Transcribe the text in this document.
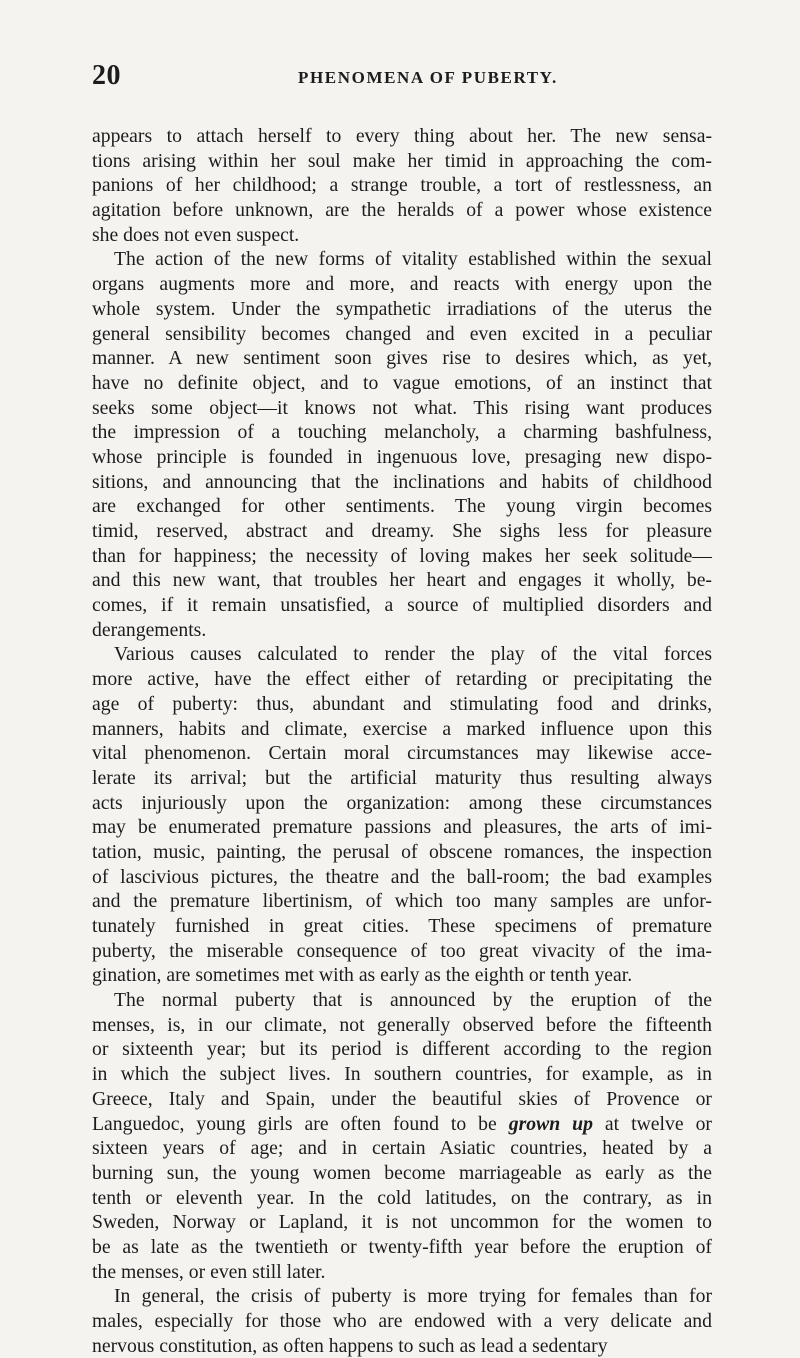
20	PHENOMENA OF PUBERTY.
appears to attach herself to every thing about her. The new sensa-
tions arising within her soul make her timid in approaching the com-
panions of her childhood; a strange trouble, a tort of restlessness, an
agitation before unknown, are the heralds of a power whose existence
she does not even suspect.
The action of the new forms of vitality established within the sexual
organs augments more and more, and reacts with energy upon the
whole system. Under the sympathetic irradiations of the uterus the
general sensibility becomes changed and even excited in a peculiar
manner. A new sentiment soon gives rise to desires which, as yet,
have no definite object, and to vague emotions, of an instinct that
seeks some object—it knows not what. This rising want produces
the impression of a touching melancholy, a charming bashfulness,
whose principle is founded in ingenuous love, presaging new dispo-
sitions, and announcing that the inclinations and habits of childhood
are exchanged for other sentiments. The young virgin becomes
timid, reserved, abstract and dreamy. She sighs less for pleasure
than for happiness; the necessity of loving makes her seek solitude—
and this new want, that troubles her heart and engages it wholly, be-
comes, if it remain unsatisfied, a source of multiplied disorders and
derangements.
Various causes calculated to render the play of the vital forces
more active, have the effect either of retarding or precipitating the
age of puberty: thus, abundant and stimulating food and drinks,
manners, habits and climate, exercise a marked influence upon this
vital phenomenon. Certain moral circumstances may likewise acce-
lerate its arrival; but the artificial maturity thus resulting always
acts injuriously upon the organization: among these circumstances
may be enumerated premature passions and pleasures, the arts of imi-
tation, music, painting, the perusal of obscene romances, the inspection
of lascivious pictures, the theatre and the ball-room; the bad examples
and the premature libertinism, of which too many samples are unfor-
tunately furnished in great cities. These specimens of premature
puberty, the miserable consequence of too great vivacity of the ima-
gination, are sometimes met with as early as the eighth or tenth year.
The normal puberty that is announced by the eruption of the
menses, is, in our climate, not generally observed before the fifteenth
or sixteenth year; but its period is different according to the region
in which the subject lives. In southern countries, for example, as in
Greece, Italy and Spain, under the beautiful skies of Provence or
Languedoc, young girls are often found to be grown up at twelve or
sixteen years of age; and in certain Asiatic countries, heated by a
burning sun, the young women become marriageable as early as the
tenth or eleventh year. In the cold latitudes, on the contrary, as in
Sweden, Norway or Lapland, it is not uncommon for the women to
be as late as the twentieth or twenty-fifth year before the eruption of
the menses, or even still later.
In general, the crisis of puberty is more trying for females than for
males, especially for those who are endowed with a very delicate and
nervous constitution, as often happens to such as lead a sedentary
